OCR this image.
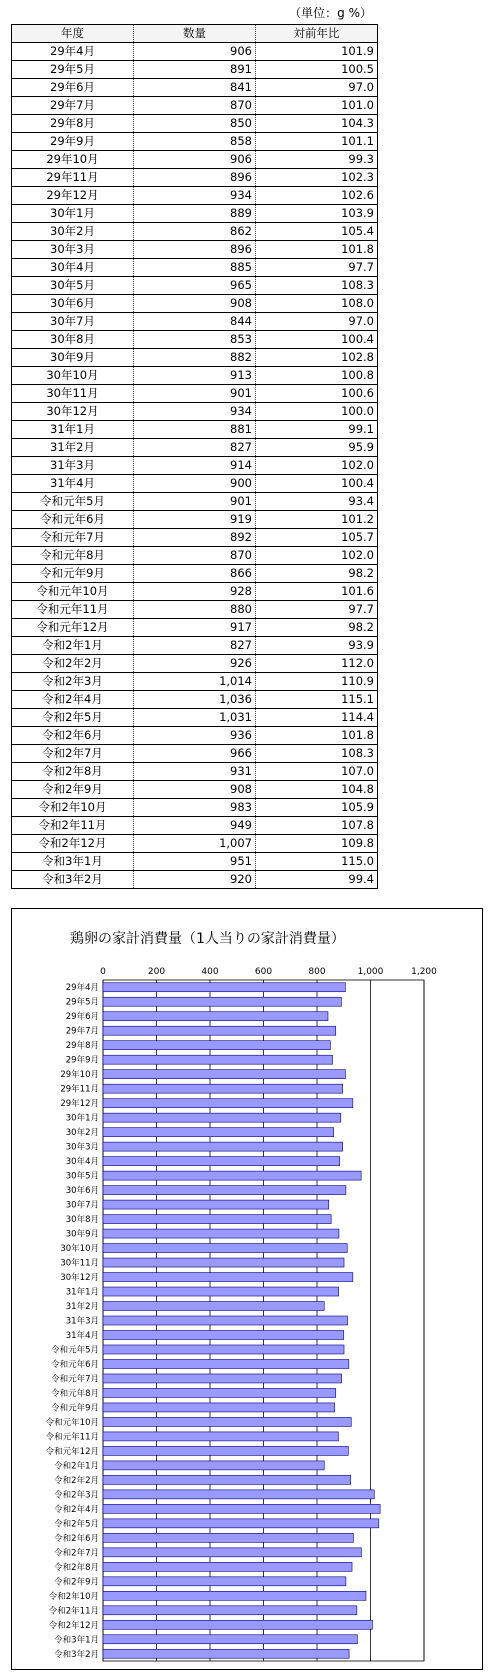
（単位：g %）
年度	数量	対前年比
29年4月	906	101.9
29年5月	891	100.5
29年6月	841	97.0
29年7月	870	101.0
29年8月	850	104.3
29年9月	858	101.1
29年10月	906	99.3
29年11月	896	102.3
29年12月	934	102.6
30年1月	889	103.9
30年2月	862	105.4
30年3月	896	101.8
30年4月	885	97.7
30年5月	965	108.3
30年6月	908	108.0
30年7月	844	97.0
30年8月	853	100.4
30年9月	882	102.8
30年10月	913	100.8
30年11月	901	100.6
30年12月	934	100.0
31年1月	881	99.1
31年2月	827	95.9
31年3月	914	102.0
31年4月	900	100.4
令和元年5月	901	93.4
令和元年6月	919	101.2
令和元年7月	892	105.7
令和元年8月	870	102.0
令和元年9月	866	98.2
令和元年10月	928	101.6
令和元年11月	880	97.7
令和元年12月	917	98.2
令和2年1月	827	93.9
令和2年2月	926	112.0
令和2年3月	1,014	110.9
令和2年4月	1,036	115.1
令和2年5月	1,031	114.4
令和2年6月	936	101.8
令和2年7月	966	108.3
令和2年8月	931	107.0
令和2年9月	908	104.8
令和2年10月	983	105.9
令和2年11月	949	107.8
令和2年12月	1,007	109.8
令和3年1月	951	115.0
令和3年2月	920	99.4
鶏卵の家計消費量（1人当りの家計消費量）
0	200	400	600	800	1,000	1,200
29年4月
29年5月
29年6月
29年7月
29年8月
29年9月
29年10月
29年11月
29年12月
30年1月
30年2月
30年3月
30年4月
30年5月
30年6月
30年7月
30年8月
30年9月
30年10月
30年11月
30年12月
31年1月
31年2月
31年3月
31年4月
令和元年5月
令和元年6月
令和元年7月
令和元年8月
令和元年9月
令和元年10月
令和元年11月
令和元年12月
令和2年1月
令和2年2月
令和2年3月
令和2年4月
令和2年5月
令和2年6月
令和2年7月
令和2年8月
令和2年9月
令和2年10月
令和2年11月
令和2年12月
令和3年1月
令和3年2月
